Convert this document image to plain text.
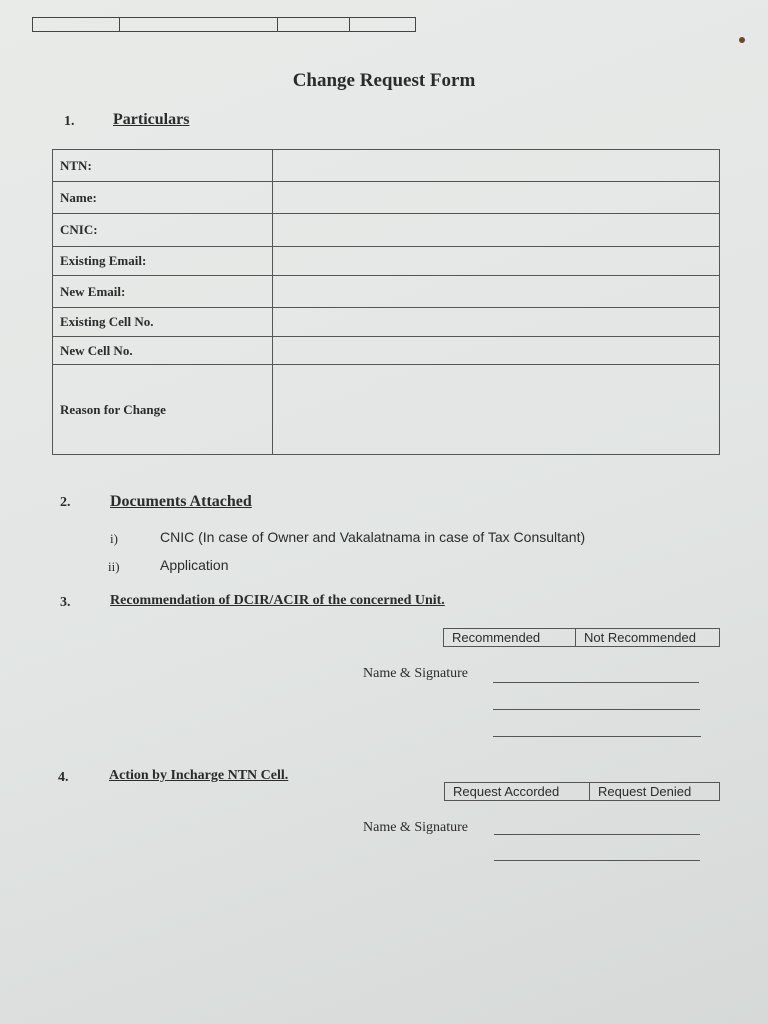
Change Request Form
1. Particulars
NTN:	
Name:	
CNIC:	
Existing Email:	
New Email:	
Existing Cell No.	
New Cell No.	
Reason for Change	
2. Documents Attached
i)	CNIC (In case of Owner and Vakalatnama in case of Tax Consultant)
ii)	Application
3.	Recommendation of DCIR/ACIR of the concerned Unit.
Recommended	Not Recommended
Name & Signature
4.	Action by Incharge NTN Cell.
Request Accorded	Request Denied
Name & Signature
